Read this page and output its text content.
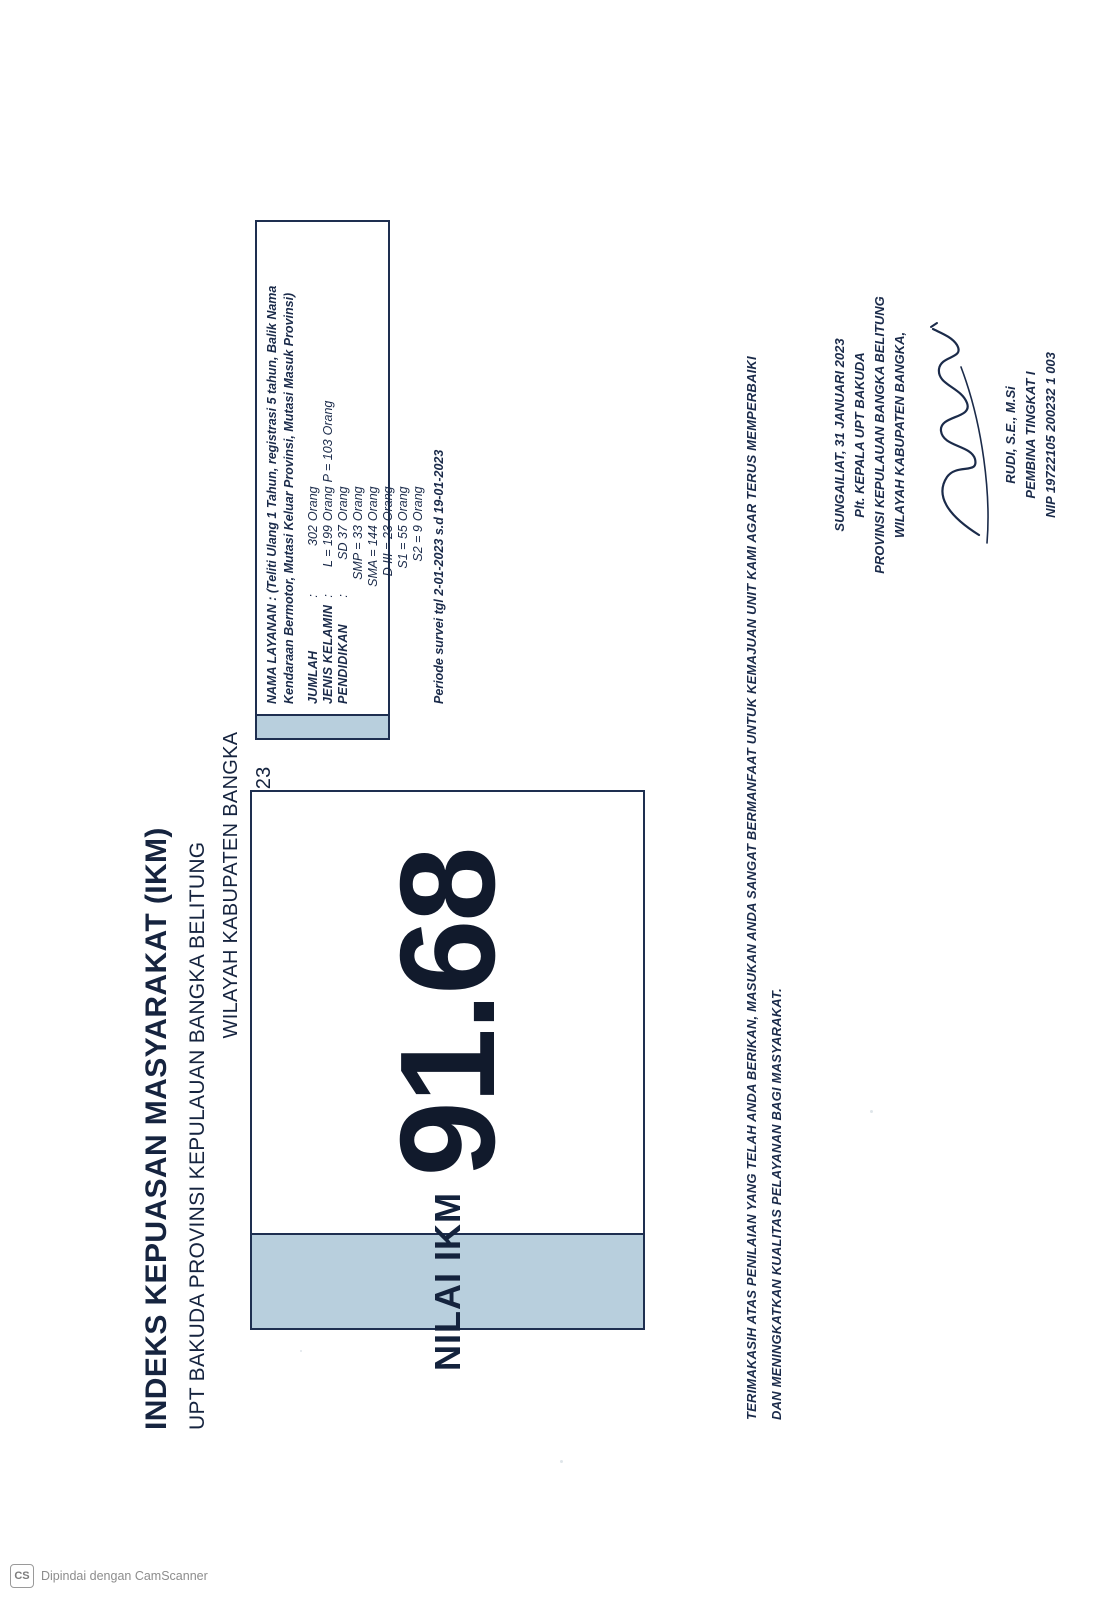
INDEKS KEPUASAN MASYARAKAT (IKM) UPT BAKUDA PROVINSI KEPULAUAN BANGKA BELITUNG WILAYAH KABUPATEN BANGKA
NILAI IKM
91.68
NAMA LAYANAN : (Teliti Ulang 1 Tahun, registrasi 5 tahun, Balik Nama Kendaraan Bermotor, Mutasi Keluar Provinsi, Mutasi Masuk Provinsi) JUMLAH	:	302	Orang		
JENIS KELAMIN	:	L = 199	Orang	P = 103	Orang
PENDIDIKAN	:	SD 37	Orang		
		SMP = 33	Orang		
		SMA = 144	Orang		
		D III = 23	Orang		
		S1 = 55	Orang		
		S2 = 9	Orang		Periode survei tgl 2-01-2023 s.d 19-01-2023	TERIMAKASIH ATAS PENILAIAN YANG TELAH ANDA BERIKAN, MASUKAN ANDA SANGAT BERMANFAAT UNTUK KEMAJUAN UNIT KAMI AGAR TERUS MEMPERBAIKI DAN MENINGKATKAN KUALITAS PELAYANAN BAGI MASYARAKAT.
SUNGAILIAT, 31 JANUARI 2023 Plt. KEPALA UPT BAKUDA PROVINSI KEPULAUAN BANGKA BELITUNG WILAYAH KABUPATEN BANGKA,	RUDI, S.E., M.Si PEMBINA TINGKAT I NIP 19722105 200232 1 003
CS Dipindai dengan CamScanner
